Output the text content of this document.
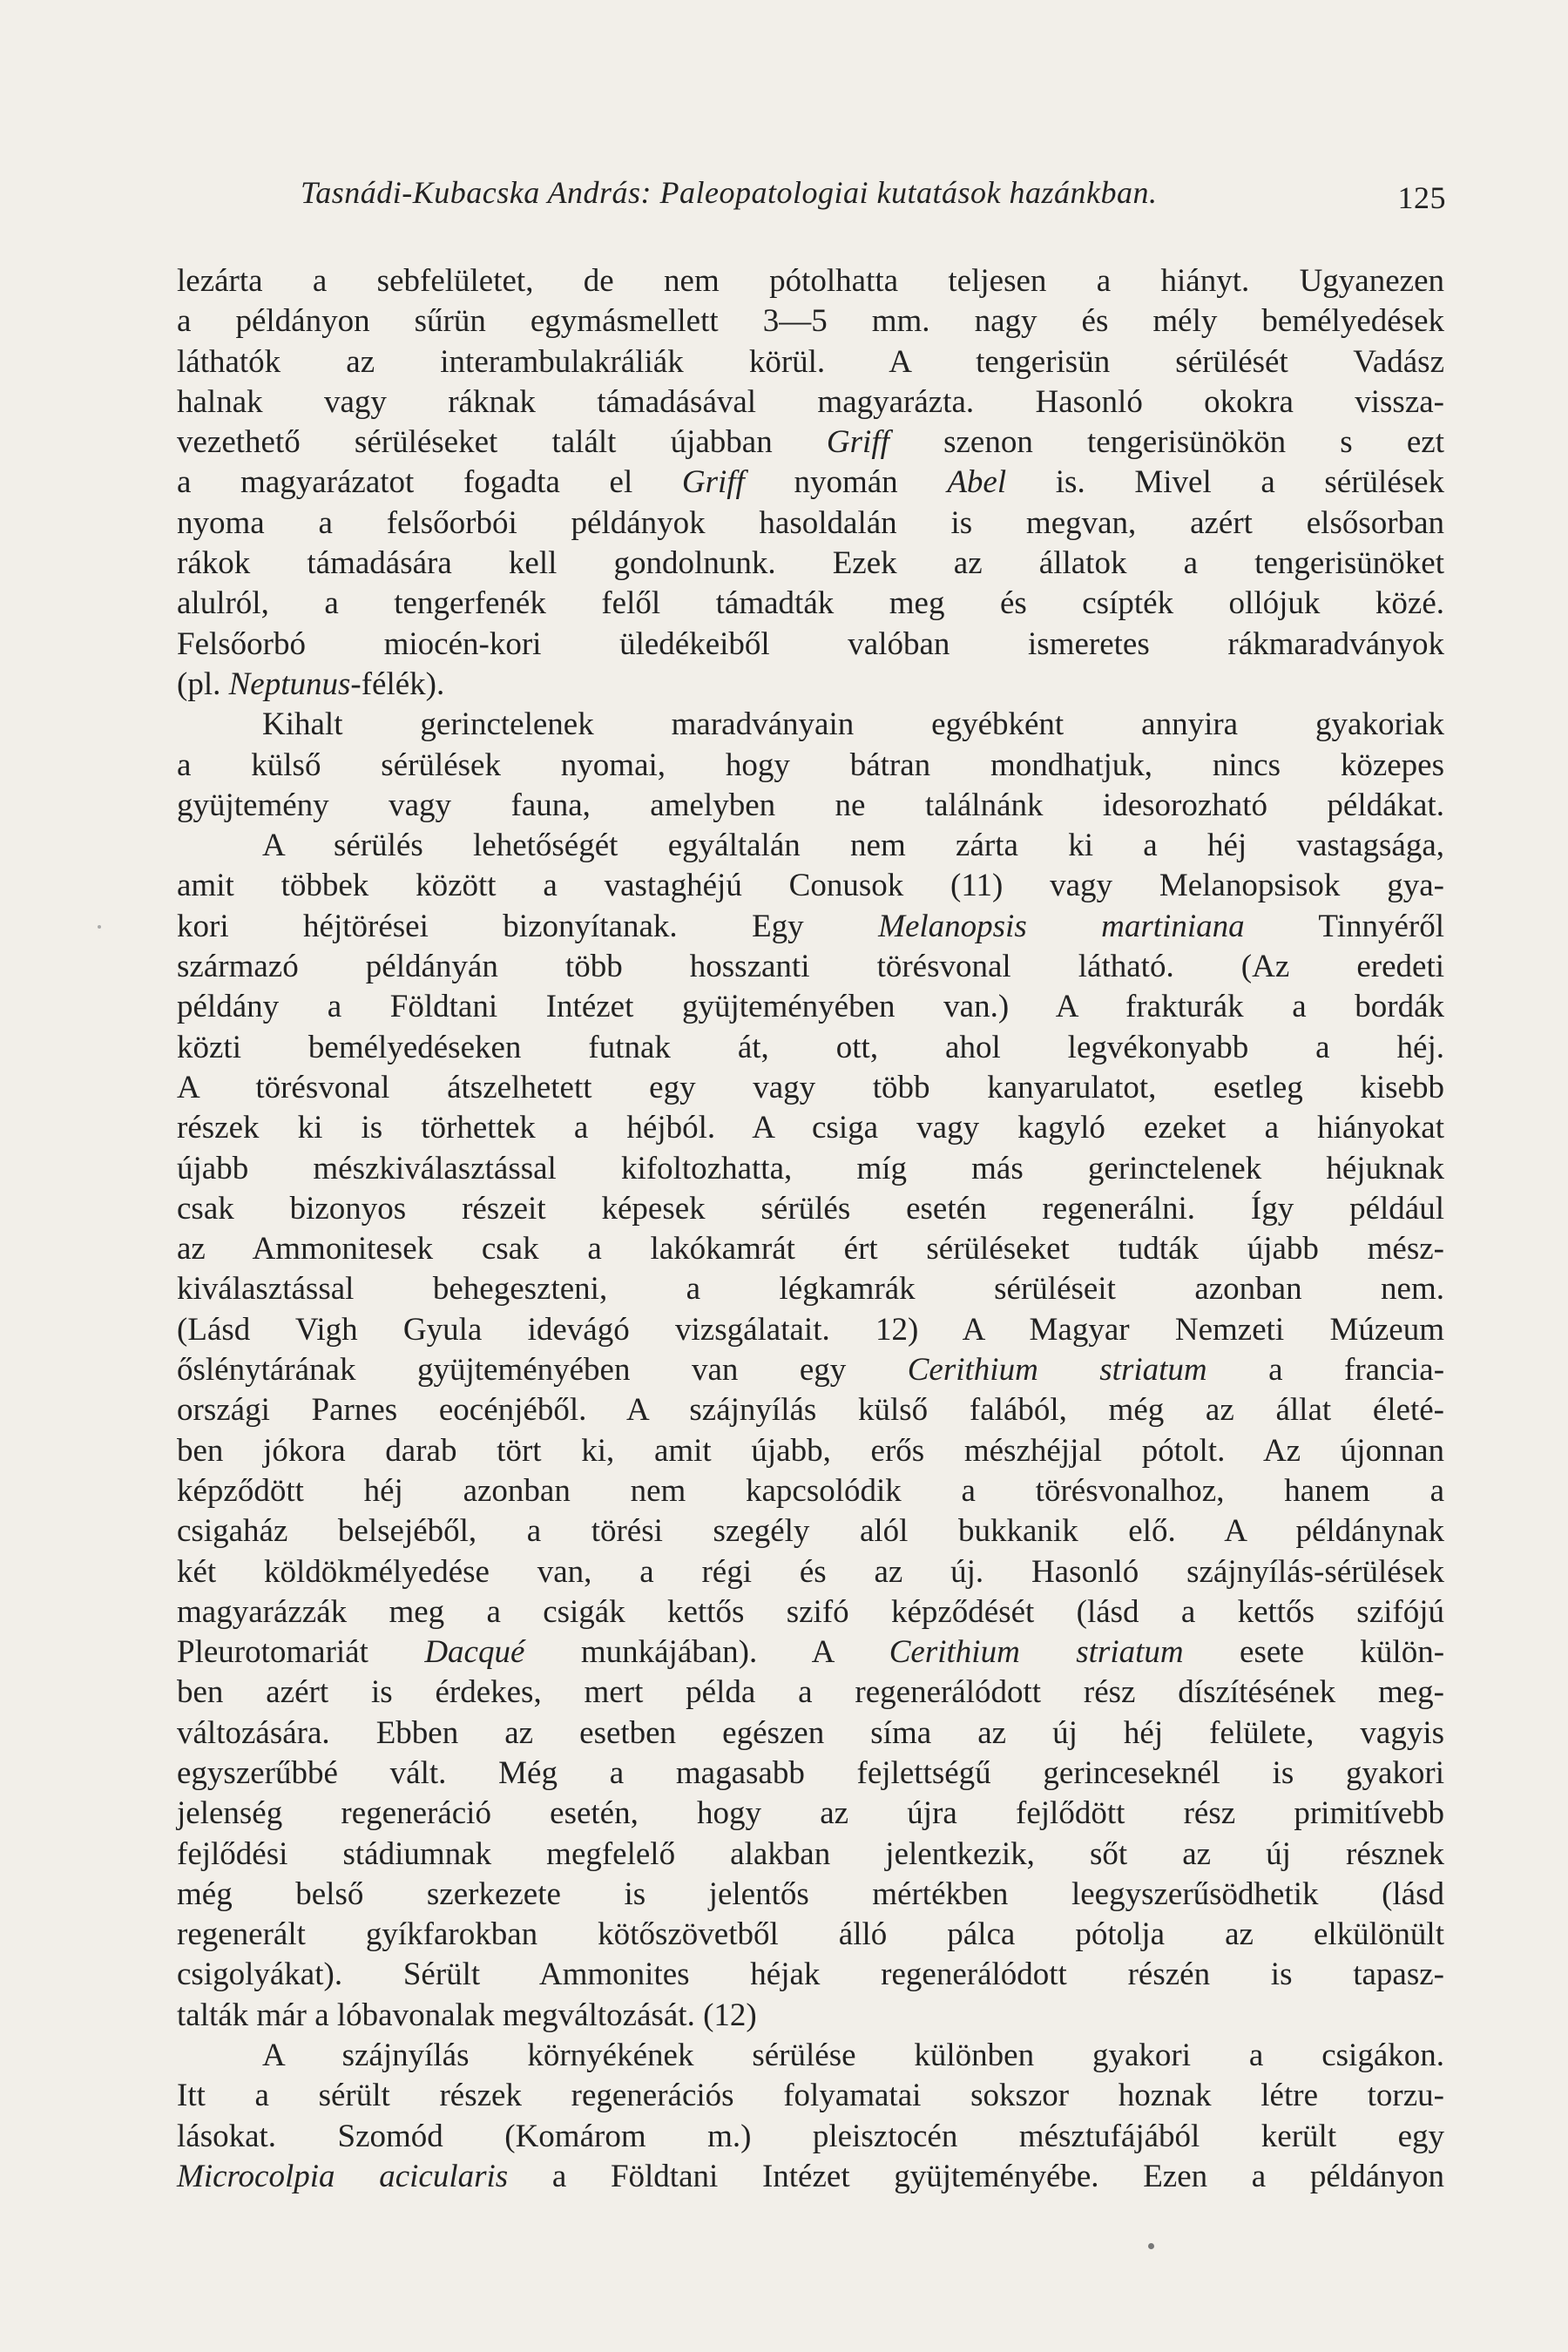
Tasnádi-Kubacska András: Paleopatologiai kutatások hazánkban.	125
lezárta a sebfelületet, de nem pótolhatta teljesen a hiányt. Ugyanezen
a példányon sűrün egymásmellett 3—5 mm. nagy és mély bemélyedések
láthatók az interambulakráliák körül. A tengerisün sérülését Vadász
halnak vagy ráknak támadásával magyarázta. Hasonló okokra vissza-
vezethető sérüléseket talált újabban Griff szenon tengerisünökön s ezt
a magyarázatot fogadta el Griff nyomán Abel is. Mivel a sérülések
nyoma a felsőorbói példányok hasoldalán is megvan, azért elsősorban
rákok támadására kell gondolnunk. Ezek az állatok a tengerisünöket
alulról, a tengerfenék felől támadták meg és csípték ollójuk közé.
Felsőorbó miocén-kori üledékeiből valóban ismeretes rákmaradványok
(pl. Neptunus-félék).
Kihalt gerinctelenek maradványain egyébként annyira gyakoriak
a külső sérülések nyomai, hogy bátran mondhatjuk, nincs közepes
gyüjtemény vagy fauna, amelyben ne találnánk idesorozható példákat.
A sérülés lehetőségét egyáltalán nem zárta ki a héj vastagsága,
amit többek között a vastaghéjú Conusok (11) vagy Melanopsisok gya-
kori héjtörései bizonyítanak. Egy Melanopsis martiniana Tinnyéről
származó példányán több hosszanti törésvonal látható. (Az eredeti
példány a Földtani Intézet gyüjteményében van.) A frakturák a bordák
közti bemélyedéseken futnak át, ott, ahol legvékonyabb a héj.
A törésvonal átszelhetett egy vagy több kanyarulatot, esetleg kisebb
részek ki is törhettek a héjból. A csiga vagy kagyló ezeket a hiányokat
újabb mészkiválasztással kifoltozhatta, míg más gerinctelenek héjuknak
csak bizonyos részeit képesek sérülés esetén regenerálni. Így például
az Ammonitesek csak a lakókamrát ért sérüléseket tudták újabb mész-
kiválasztással behegeszteni, a légkamrák sérüléseit azonban nem.
(Lásd Vigh Gyula idevágó vizsgálatait. 12) A Magyar Nemzeti Múzeum
őslénytárának gyüjteményében van egy Cerithium striatum a francia-
országi Parnes eocénjéből. A szájnyílás külső falából, még az állat életé-
ben jókora darab tört ki, amit újabb, erős mészhéjjal pótolt. Az újonnan
képződött héj azonban nem kapcsolódik a törésvonalhoz, hanem a
csigaház belsejéből, a törési szegély alól bukkanik elő. A példánynak
két köldökmélyedése van, a régi és az új. Hasonló szájnyílás-sérülések
magyarázzák meg a csigák kettős szifó képződését (lásd a kettős szifójú
Pleurotomariát Dacqué munkájában). A Cerithium striatum esete külön-
ben azért is érdekes, mert példa a regenerálódott rész díszítésének meg-
változására. Ebben az esetben egészen síma az új héj felülete, vagyis
egyszerűbbé vált. Még a magasabb fejlettségű gerinceseknél is gyakori
jelenség regeneráció esetén, hogy az újra fejlődött rész primitívebb
fejlődési stádiumnak megfelelő alakban jelentkezik, sőt az új résznek
még belső szerkezete is jelentős mértékben leegyszerűsödhetik (lásd
regenerált gyíkfarokban kötőszövetből álló pálca pótolja az elkülönült
csigolyákat). Sérült Ammonites héjak regenerálódott részén is tapasz-
talták már a lóbavonalak megváltozását. (12)
A szájnyílás környékének sérülése különben gyakori a csigákon.
Itt a sérült részek regenerációs folyamatai sokszor hoznak létre torzu-
lásokat. Szomód (Komárom m.) pleisztocén mésztufájából került egy
Microcolpia acicularis a Földtani Intézet gyüjteményébe. Ezen a példányon
